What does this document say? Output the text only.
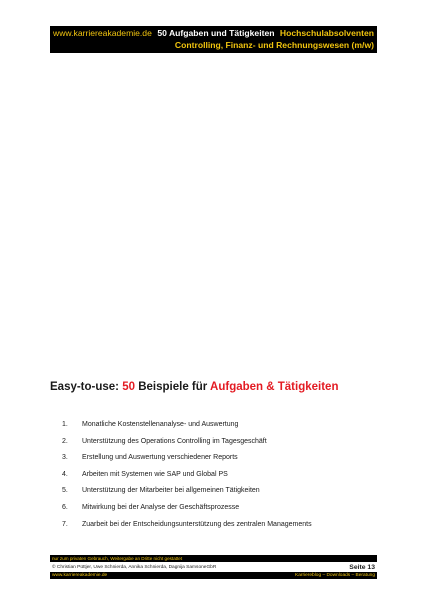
www.karriereakademie.de 50 Aufgaben und Tätigkeiten Hochschulabsolventen
Controlling, Finanz- und Rechnungswesen (m/w)
Easy-to-use: 50 Beispiele für Aufgaben & Tätigkeiten
1.	Monatliche Kostenstellenanalyse- und Auswertung
2.	Unterstützung des Operations Controlling im Tagesgeschäft
3.	Erstellung und Auswertung verschiedener Reports
4.	Arbeiten mit Systemen wie SAP und Global PS
5.	Unterstützung der Mitarbeiter bei allgemeinen Tätigkeiten
6.	Mitwirkung bei der Analyse der Geschäftsprozesse
7.	Zuarbeit bei der Entscheidungsunterstützung des zentralen Managements
nur zum privaten Gebrauch, Weitergabe an Dritte nicht gestattet
© Christian Püttjer, Uwe Schnierda, Annika Schnierda, Dagnija SamsoneGbR	Seite 13
www.karriereakademie.de	Karriereblog – Downloads – Beratung
